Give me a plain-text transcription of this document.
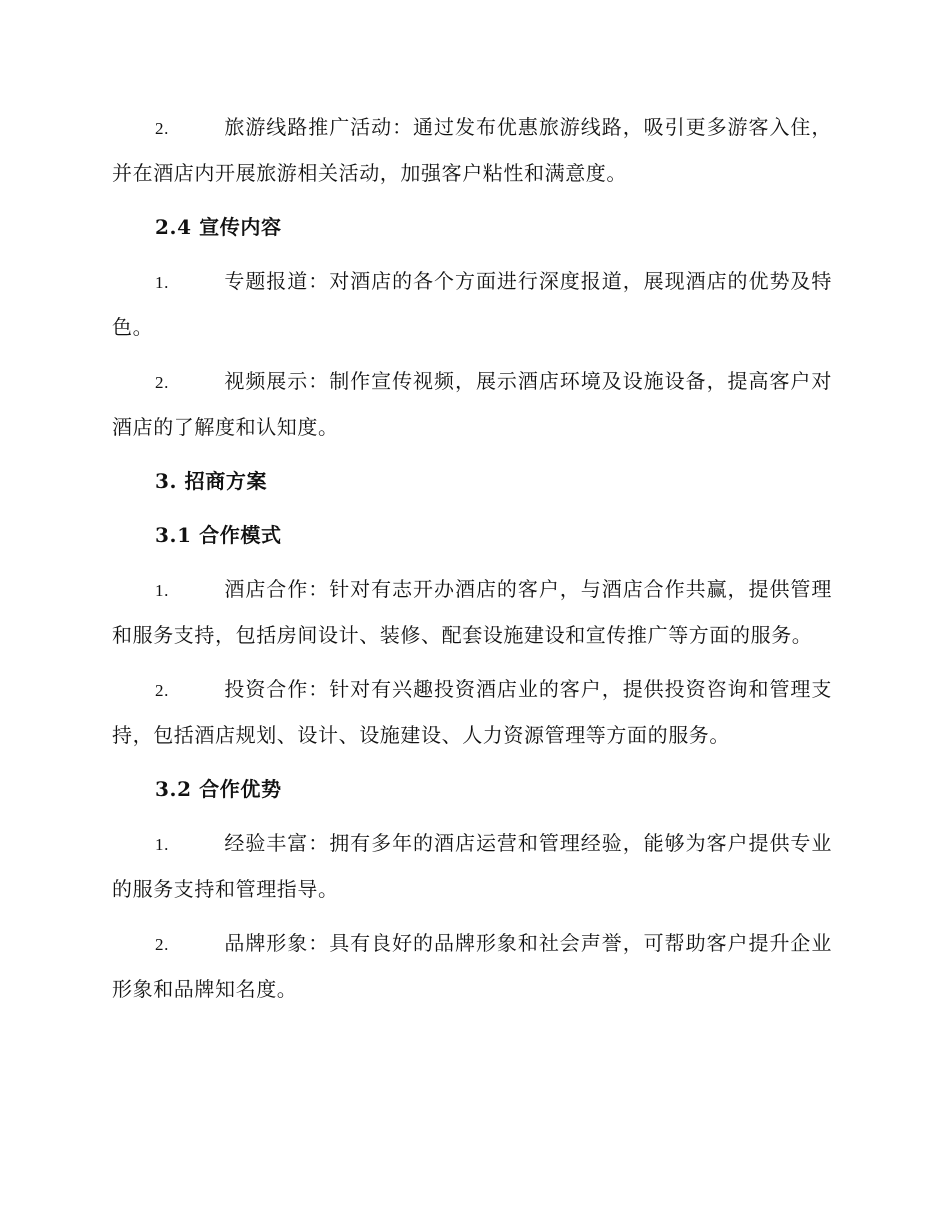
2.	旅游线路推广活动：通过发布优惠旅游线路，吸引更多游客入住，并在酒店内开展旅游相关活动，加强客户粘性和满意度。

2.4 宣传内容

1.	专题报道：对酒店的各个方面进行深度报道，展现酒店的优势及特色。

2.	视频展示：制作宣传视频，展示酒店环境及设施设备，提高客户对酒店的了解度和认知度。

3. 招商方案
3.1 合作模式

1.	酒店合作：针对有志开办酒店的客户，与酒店合作共赢，提供管理和服务支持，包括房间设计、装修、配套设施建设和宣传推广等方面的服务。

2.	投资合作：针对有兴趣投资酒店业的客户，提供投资咨询和管理支持，包括酒店规划、设计、设施建设、人力资源管理等方面的服务。

3.2 合作优势

1.	经验丰富：拥有多年的酒店运营和管理经验，能够为客户提供专业的服务支持和管理指导。

2.	品牌形象：具有良好的品牌形象和社会声誉，可帮助客户提升企业形象和品牌知名度。
